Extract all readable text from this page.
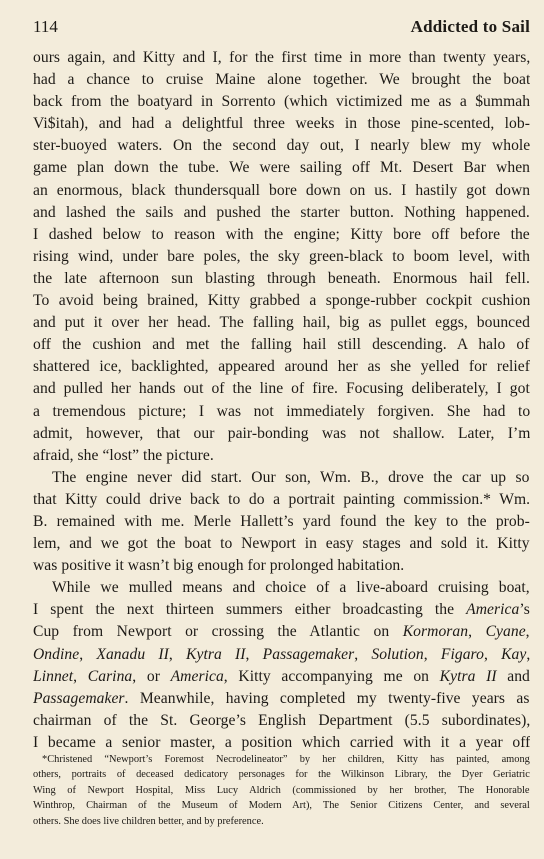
114	Addicted to Sail
ours again, and Kitty and I, for the first time in more than twenty years,
had a chance to cruise Maine alone together. We brought the boat
back from the boatyard in Sorrento (which victimized me as a $ummah
Vi$itah), and had a delightful three weeks in those pine-scented, lob-
ster-buoyed waters. On the second day out, I nearly blew my whole
game plan down the tube. We were sailing off Mt. Desert Bar when
an enormous, black thundersquall bore down on us. I hastily got down
and lashed the sails and pushed the starter button. Nothing happened.
I dashed below to reason with the engine; Kitty bore off before the
rising wind, under bare poles, the sky green-black to boom level, with
the late afternoon sun blasting through beneath. Enormous hail fell.
To avoid being brained, Kitty grabbed a sponge-rubber cockpit cushion
and put it over her head. The falling hail, big as pullet eggs, bounced
off the cushion and met the falling hail still descending. A halo of
shattered ice, backlighted, appeared around her as she yelled for relief
and pulled her hands out of the line of fire. Focusing deliberately, I got
a tremendous picture; I was not immediately forgiven. She had to
admit, however, that our pair-bonding was not shallow. Later, I’m
afraid, she “lost” the picture.
The engine never did start. Our son, Wm. B., drove the car up so
that Kitty could drive back to do a portrait painting commission.* Wm.
B. remained with me. Merle Hallett’s yard found the key to the prob-
lem, and we got the boat to Newport in easy stages and sold it. Kitty
was positive it wasn’t big enough for prolonged habitation.
While we mulled means and choice of a live-aboard cruising boat,
I spent the next thirteen summers either broadcasting the America’s
Cup from Newport or crossing the Atlantic on Kormoran, Cyane,
Ondine, Xanadu II, Kytra II, Passagemaker, Solution, Figaro, Kay,
Linnet, Carina, or America, Kitty accompanying me on Kytra II and
Passagemaker. Meanwhile, having completed my twenty-five years as
chairman of the St. George’s English Department (5.5 subordinates),
I became a senior master, a position which carried with it a year off
*Christened “Newport’s Foremost Necrodelineator” by her children, Kitty has painted, among
others, portraits of deceased dedicatory personages for the Wilkinson Library, the Dyer Geriatric
Wing of Newport Hospital, Miss Lucy Aldrich (commissioned by her brother, The Honorable
Winthrop, Chairman of the Museum of Modern Art), The Senior Citizens Center, and several
others. She does live children better, and by preference.
